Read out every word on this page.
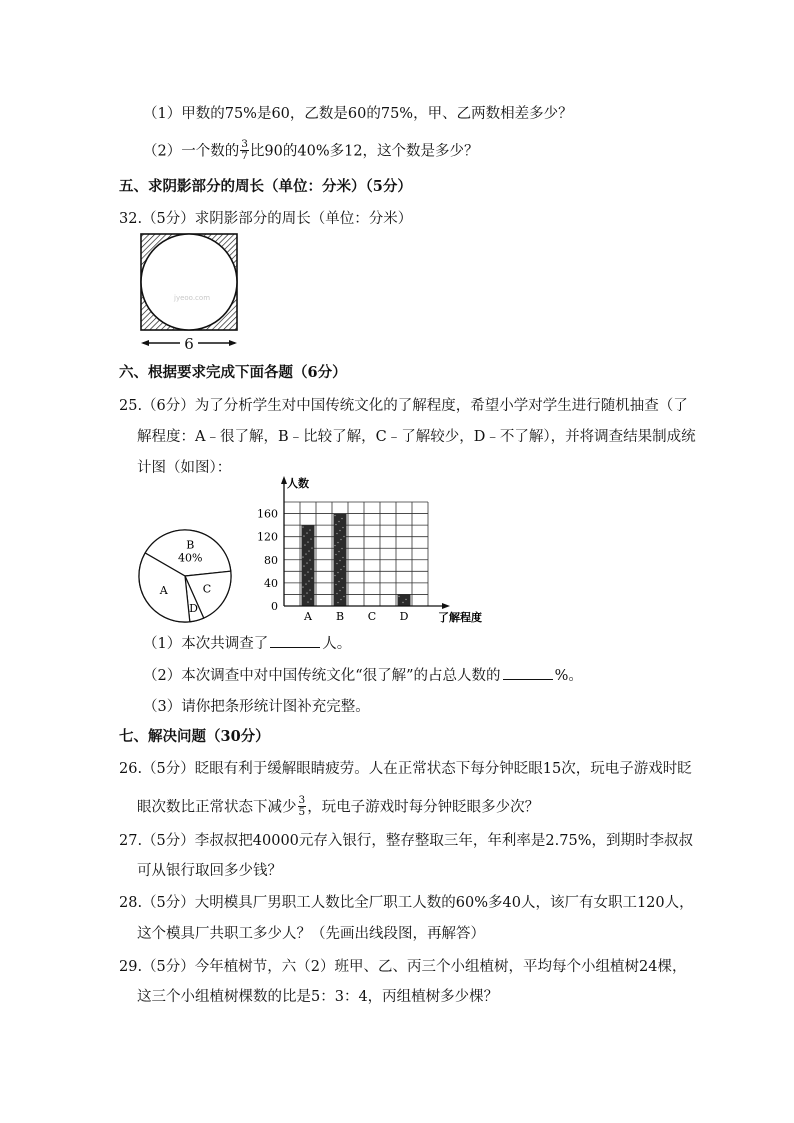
（1）甲数的75%是60，乙数是60的75%，甲、乙两数相差多少？
（2）一个数的 $\frac{3}{7}$ 比90的40%多12，这个数是多少？
五、求阴影部分的周长（单位：分米）（5分）
32.（5分）求阴影部分的周长（单位：分米）
jyeoo.com
6
六、根据要求完成下面各题（6分）
25.（6分）为了分析学生对中国传统文化的了解程度，希望小学对学生进行随机抽查（了
解程度：A﹣很了解，B﹣比较了解，C﹣了解较少，D﹣不了解），并将调查结果制成统
计图（如图）：
B
40%
C
D
A
A B C D
0
40
80
120
160
人数
了解程度
（1）本次共调查了	人。
（2）本次调查中对中国传统文化“很了解”的占总人数的	%。
（3）请你把条形统计图补充完整。
七、解决问题（30分）
26.（5分）眨眼有利于缓解眼睛疲劳。人在正常状态下每分钟眨眼15次，玩电子游戏时眨
眼次数比正常状态下减少 $\frac{3}{5}$ ，玩电子游戏时每分钟眨眼多少次？
27.（5分）李叔叔把40000元存入银行，整存整取三年，年利率是2.75%，到期时李叔叔
可从银行取回多少钱？
28.（5分）大明模具厂男职工人数比全厂职工人数的60%多40人，该厂有女职工120人，
这个模具厂共职工多少人？（先画出线段图，再解答）
29.（5分）今年植树节，六（2）班甲、乙、丙三个小组植树，平均每个小组植树24棵，
这三个小组植树棵数的比是5：3：4，丙组植树多少棵？
